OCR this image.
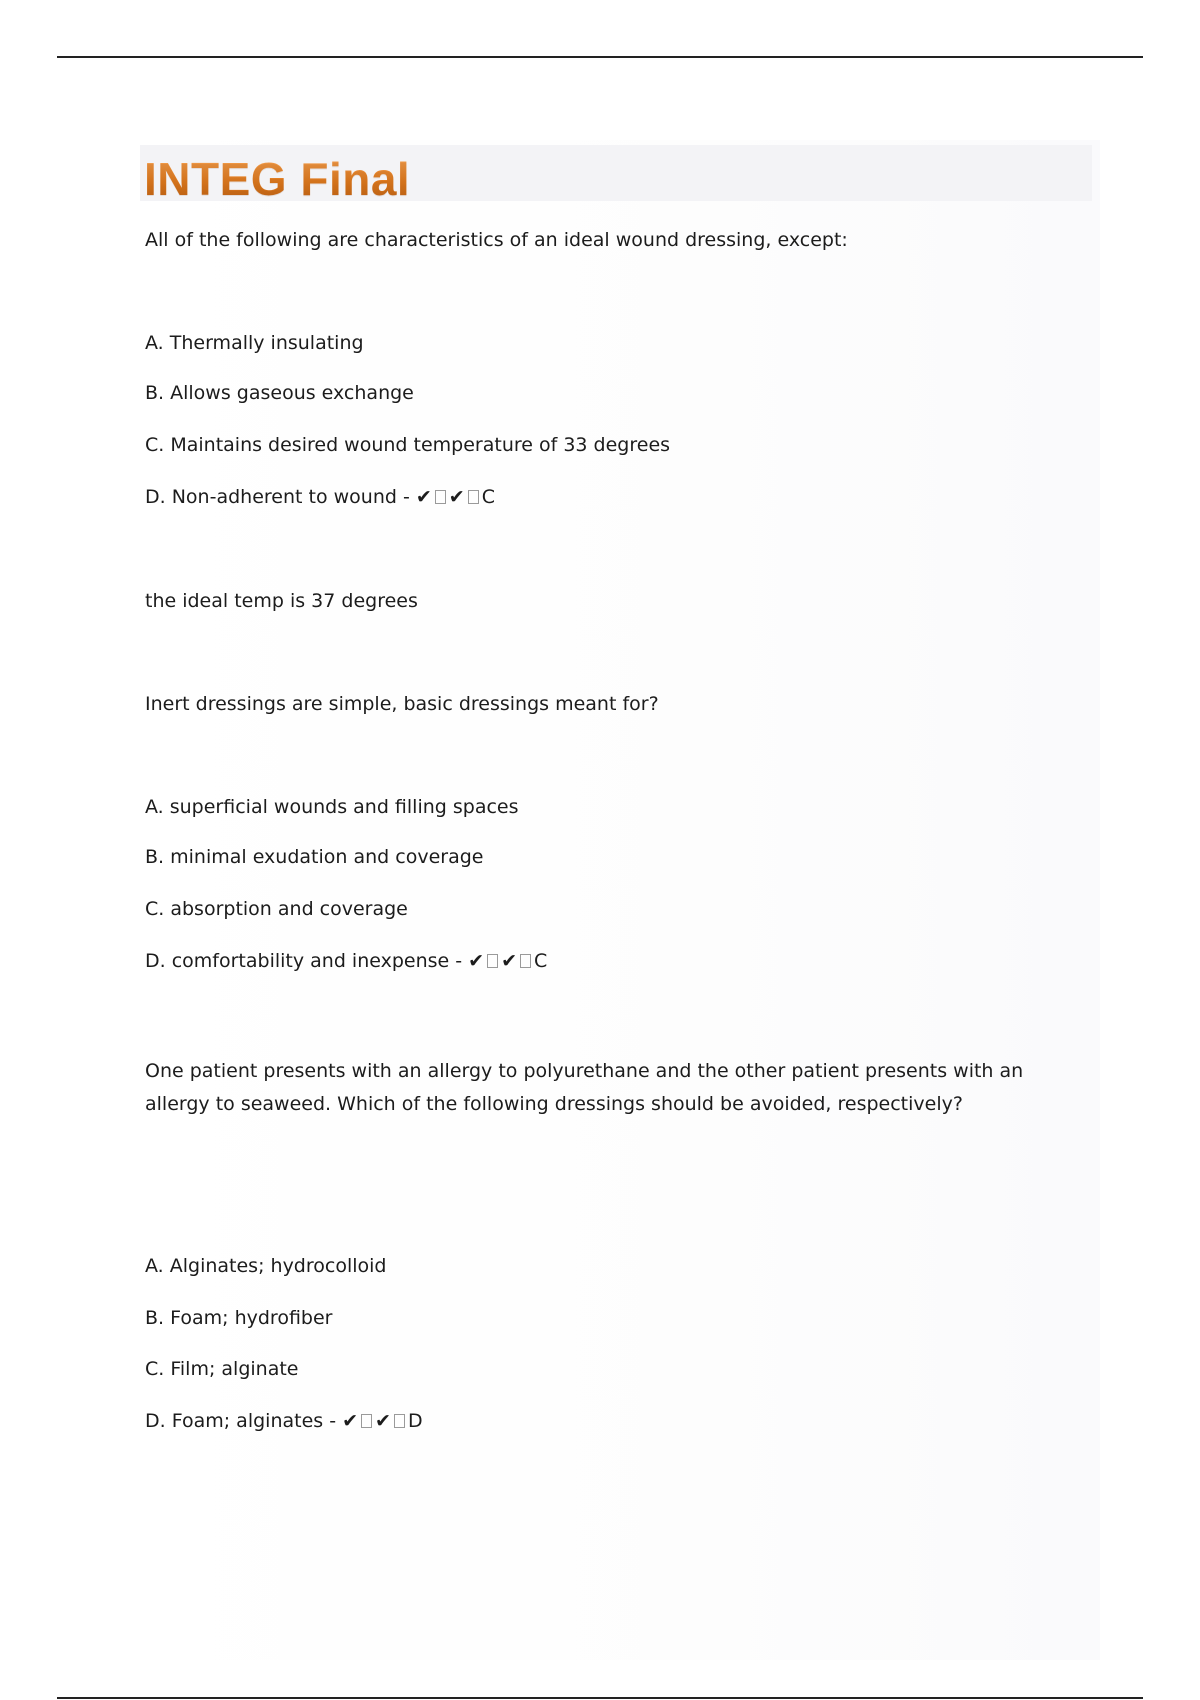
INTEG Final
All of the following are characteristics of an ideal wound dressing, except:
A. Thermally insulating
B. Allows gaseous exchange
C. Maintains desired wound temperature of 33 degrees
D. Non-adherent to wound - ✔ ✔ C
the ideal temp is 37 degrees
Inert dressings are simple, basic dressings meant for?
A. superficial wounds and filling spaces
B. minimal exudation and coverage
C. absorption and coverage
D. comfortability and inexpense - ✔ ✔ C
One patient presents with an allergy to polyurethane and the other patient presents with an allergy to seaweed. Which of the following dressings should be avoided, respectively?
A. Alginates; hydrocolloid
B. Foam; hydrofiber
C. Film; alginate
D. Foam; alginates - ✔ ✔ D
